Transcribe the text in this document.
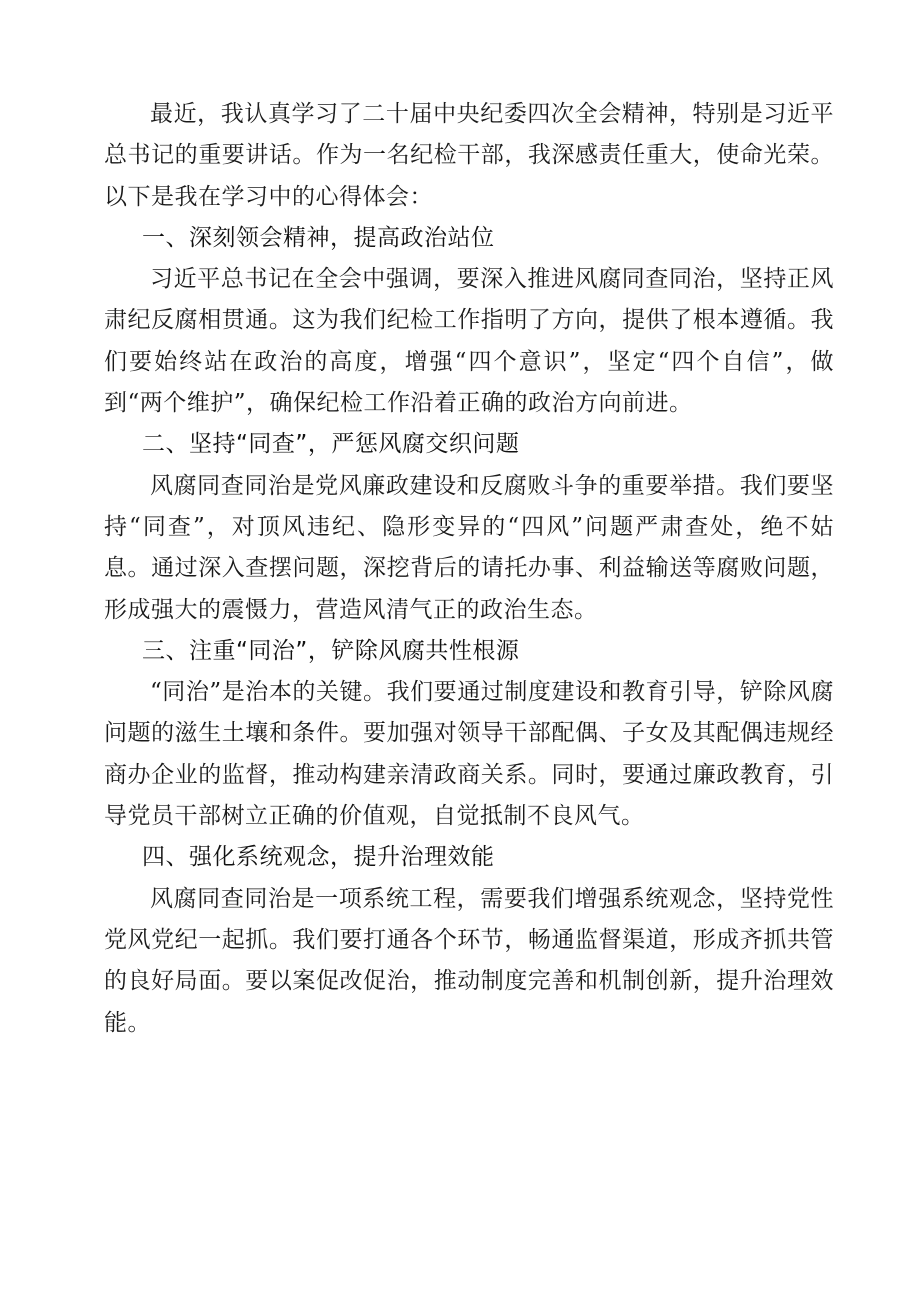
最近，我认真学习了二十届中央纪委四次全会精神，特别是习近平总书记的重要讲话。作为一名纪检干部，我深感责任重大，使命光荣。以下是我在学习中的心得体会：

一、深刻领会精神，提高政治站位

习近平总书记在全会中强调，要深入推进风腐同查同治，坚持正风肃纪反腐相贯通。这为我们纪检工作指明了方向，提供了根本遵循。我们要始终站在政治的高度，增强“四个意识”，坚定“四个自信”，做到“两个维护”，确保纪检工作沿着正确的政治方向前进。

二、坚持“同查”，严惩风腐交织问题

风腐同查同治是党风廉政建设和反腐败斗争的重要举措。我们要坚持“同查”，对顶风违纪、隐形变异的“四风”问题严肃查处，绝不姑息。通过深入查摆问题，深挖背后的请托办事、利益输送等腐败问题，形成强大的震慑力，营造风清气正的政治生态。

三、注重“同治”，铲除风腐共性根源

“同治”是治本的关键。我们要通过制度建设和教育引导，铲除风腐问题的滋生土壤和条件。要加强对领导干部配偶、子女及其配偶违规经商办企业的监督，推动构建亲清政商关系。同时，要通过廉政教育，引导党员干部树立正确的价值观，自觉抵制不良风气。

四、强化系统观念，提升治理效能

风腐同查同治是一项系统工程，需要我们增强系统观念，坚持党性党风党纪一起抓。我们要打通各个环节，畅通监督渠道，形成齐抓共管的良好局面。要以案促改促治，推动制度完善和机制创新，提升治理效能。
